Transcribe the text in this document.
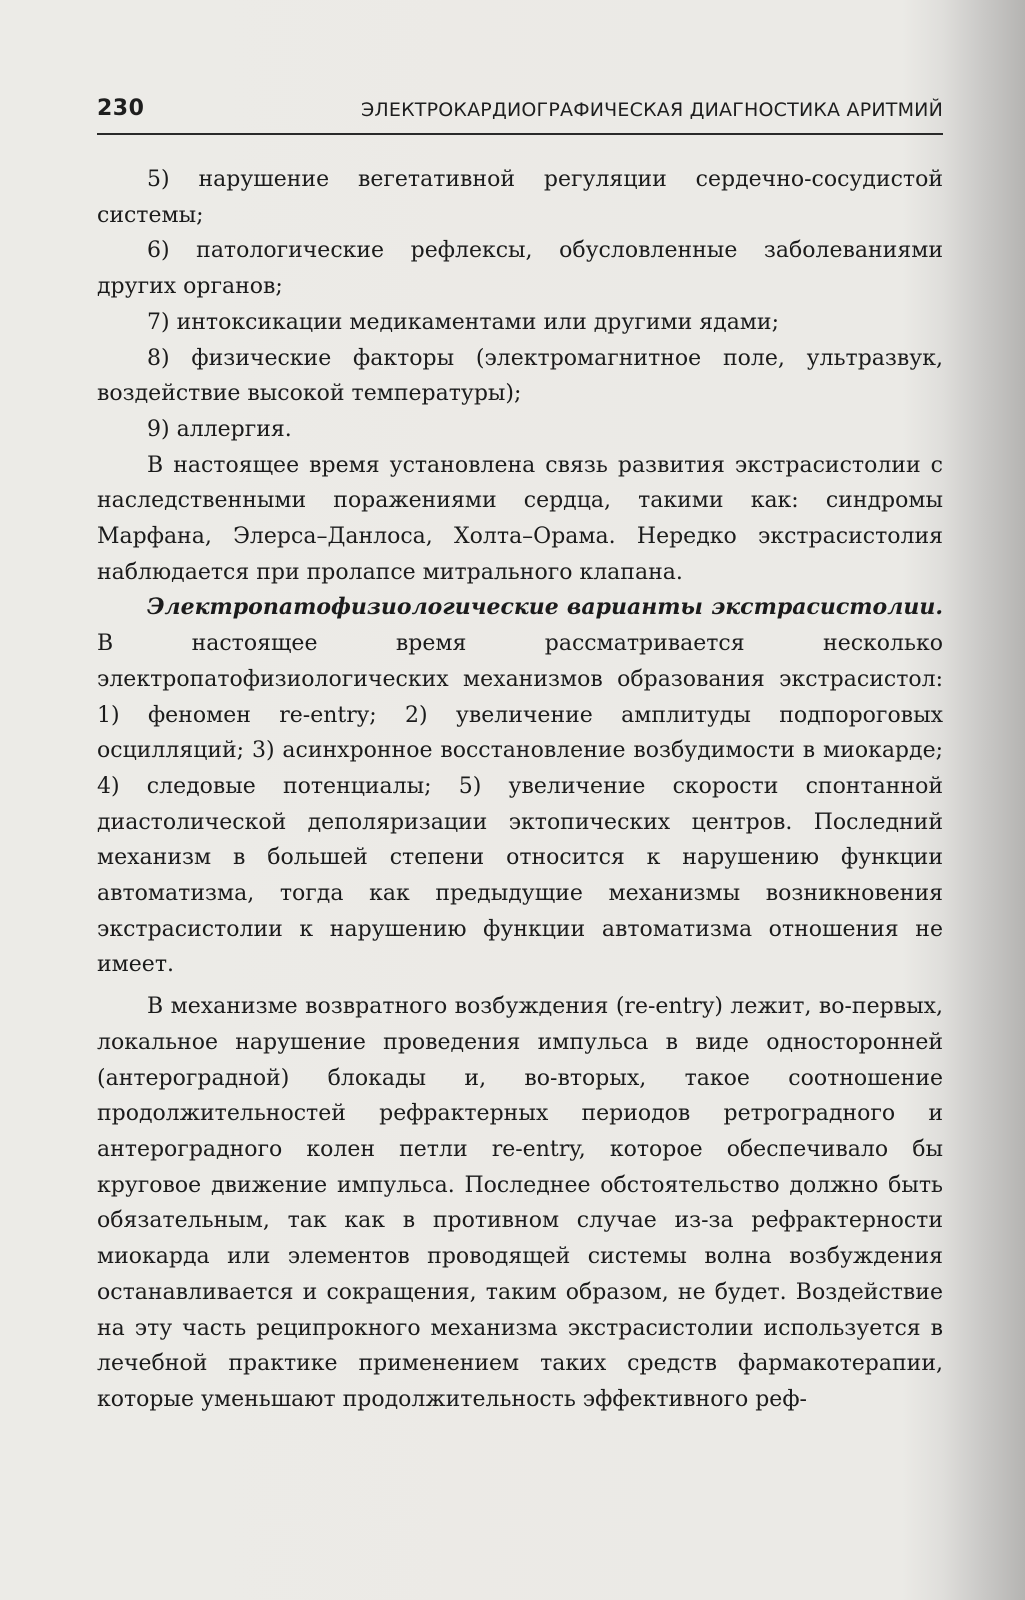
230	ЭЛЕКТРОКАРДИОГРАФИЧЕСКАЯ ДИАГНОСТИКА АРИТМИЙ

5) нарушение вегетативной регуляции сердечно-сосудистой системы;

6) патологические рефлексы, обусловленные заболеваниями других органов;

7) интоксикации медикаментами или другими ядами;

8) физические факторы (электромагнитное поле, ультразвук, воздействие высокой температуры);

9) аллергия.

В настоящее время установлена связь развития экстрасистолии с наследственными поражениями сердца, такими как: синдромы Марфана, Элерса–Данлоса, Холта–Орама. Нередко экстрасистолия наблюдается при пролапсе митрального клапана.

Электропатофизиологические варианты экстрасистолии. В настоящее время рассматривается несколько электропатофизиологических механизмов образования экстрасистол: 1) феномен re-entry; 2) увеличение амплитуды подпороговых осцилляций; 3) асинхронное восстановление возбудимости в миокарде; 4) следовые потенциалы; 5) увеличение скорости спонтанной диастолической деполяризации эктопических центров. Последний механизм в большей степени относится к нарушению функции автоматизма, тогда как предыдущие механизмы возникновения экстрасистолии к нарушению функции автоматизма отношения не имеет.

В механизме возвратного возбуждения (re-entry) лежит, во-первых, локальное нарушение проведения импульса в виде односторонней (антероградной) блокады и, во-вторых, такое соотношение продолжительностей рефрактерных периодов ретроградного и антероградного колен петли re-entry, которое обеспечивало бы круговое движение импульса. Последнее обстоятельство должно быть обязательным, так как в противном случае из-за рефрактерности миокарда или элементов проводящей системы волна возбуждения останавливается и сокращения, таким образом, не будет. Воздействие на эту часть реципрокного механизма экстрасистолии используется в лечебной практике применением таких средств фармакотерапии, которые уменьшают продолжительность эффективного реф-
